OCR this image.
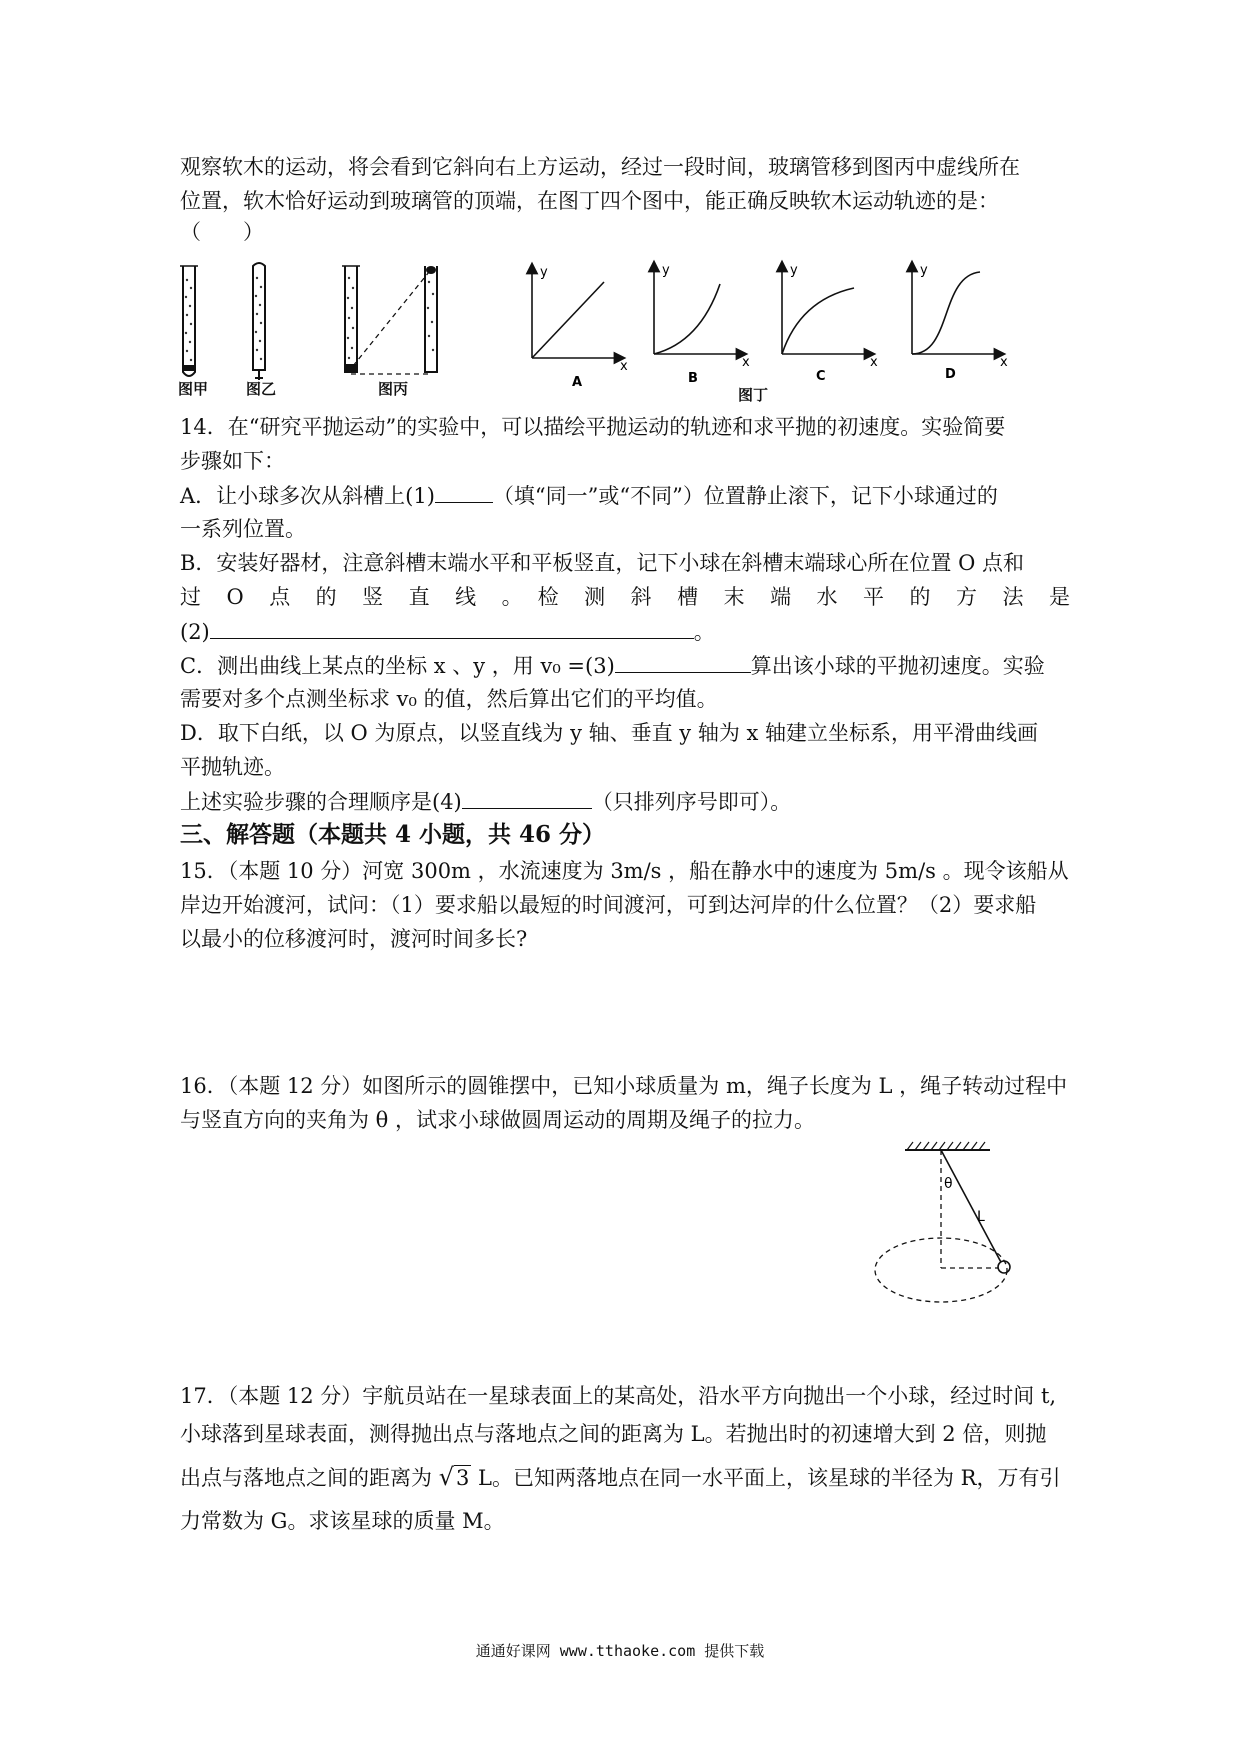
观察软木的运动，将会看到它斜向右上方运动，经过一段时间，玻璃管移到图丙中虚线所在
位置，软木恰好运动到玻璃管的顶端，在图丁四个图中，能正确反映软木运动轨迹的是：
（　　）
图甲	图乙	图丙
y
x
A
y
x
B
y
x
C
y
x
D
图丁
14．在“研究平抛运动”的实验中，可以描绘平抛运动的轨迹和求平抛的初速度。实验简要
步骤如下：
A．让小球多次从斜槽上(1)	（填“同一”或“不同”）位置静止滚下，记下小球通过的
一系列位置。
B．安装好器材，注意斜槽末端水平和平板竖直，记下小球在斜槽末端球心所在位置 O 点和
过　O　点　的　竖　直　线　。　检　测　斜　槽　末　端　水　平　的　方　法　是
(2)	。
C．测出曲线上某点的坐标 x 、y ，用 v₀ =(3)	算出该小球的平抛初速度。实验
需要对多个点测坐标求 v₀ 的值，然后算出它们的平均值。
D．取下白纸，以 O 为原点，以竖直线为 y 轴、垂直 y 轴为 x 轴建立坐标系，用平滑曲线画
平抛轨迹。
上述实验步骤的合理顺序是(4)	（只排列序号即可）。
三、解答题（本题共 4 小题，共 46 分）
15．（本题 10 分）河宽 300m ，水流速度为 3m/s ，船在静水中的速度为 5m/s 。现令该船从
岸边开始渡河，试问：（1）要求船以最短的时间渡河，可到达河岸的什么位置？（2）要求船
以最小的位移渡河时，渡河时间多长?
16．（本题 12 分）如图所示的圆锥摆中，已知小球质量为 m，绳子长度为 L ，绳子转动过程中
与竖直方向的夹角为 θ ，试求小球做圆周运动的周期及绳子的拉力。
θ
L
17．（本题 12 分）宇航员站在一星球表面上的某高处，沿水平方向抛出一个小球，经过时间 t,
小球落到星球表面，测得抛出点与落地点之间的距离为 L。若抛出时的初速增大到 2 倍，则抛
出点与落地点之间的距离为 √3 L。已知两落地点在同一水平面上，该星球的半径为 R，万有引
力常数为 G。求该星球的质量 M。
通通好课网 www.tthaoke.com 提供下载
